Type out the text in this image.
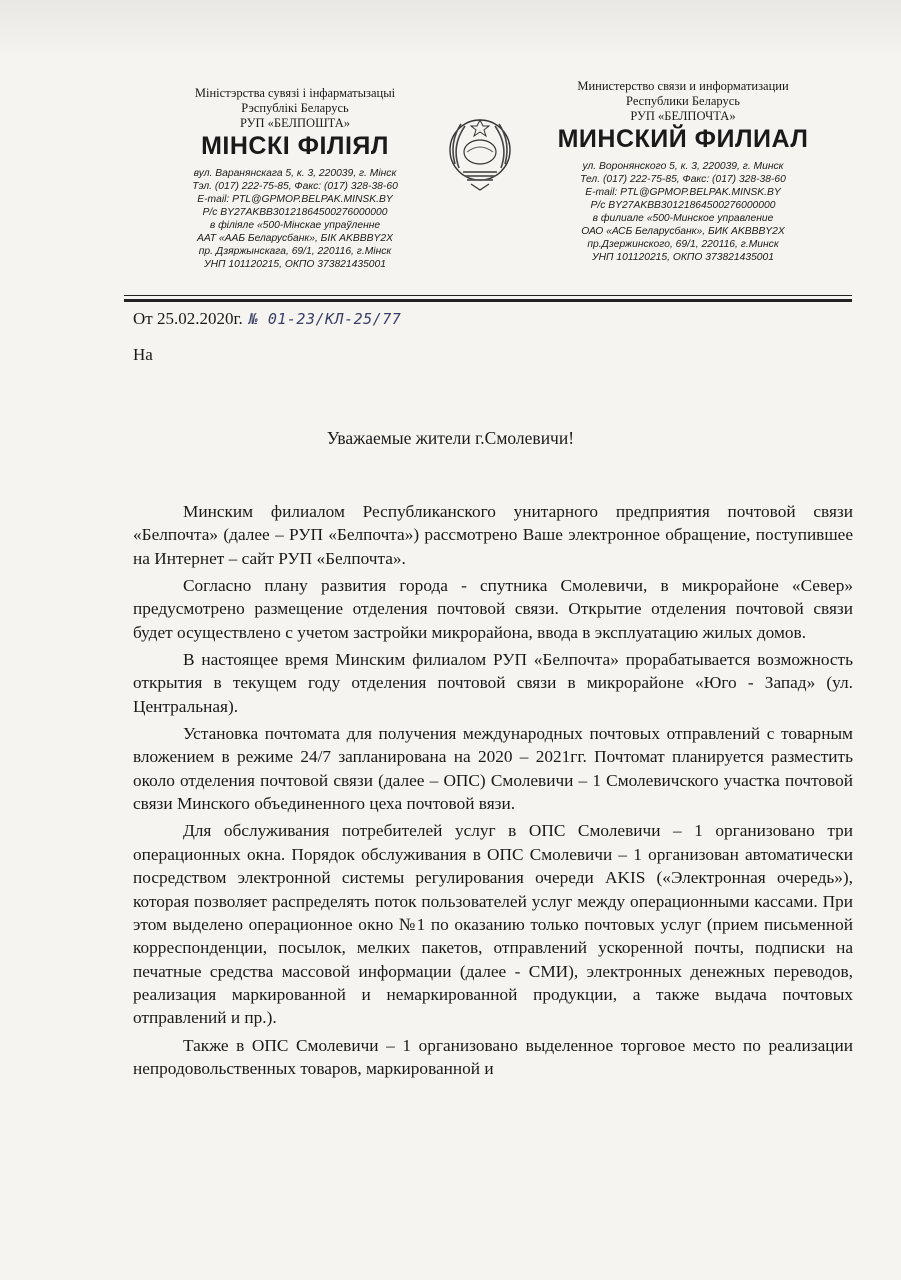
Міністэрства сувязі і інфарматызацыі
Рэспублікі Беларусь
РУП «БЕЛПОШТА»
МІНСКІ ФІЛІЯЛ
вул. Варанянскага 5, к. 3, 220039, г. Мінск
Тэл. (017) 222-75-85, Факс: (017) 328-38-60
E-mail: PTL@GPMOP.BELPAK.MINSK.BY
P/c BY27AKBB30121864500276000000
в філіяле «500-Мінскае упраўленне
ААТ «ААБ Беларусбанк», БІК AKBBBY2X
пр. Дзяржынскага, 69/1, 220116, г.Мінск
УНП 101120215, ОКПО 373821435001
Министерство связи и информатизации
Республики Беларусь
РУП «БЕЛПОЧТА»
МИНСКИЙ ФИЛИАЛ
ул. Воронянского 5, к. 3, 220039, г. Минск
Тел. (017) 222-75-85, Факс: (017) 328-38-60
E-mail: PTL@GPMOP.BELPAK.MINSK.BY
P/c BY27AKBB30121864500276000000
в филиале «500-Минское управление
ОАО «АСБ Беларусбанк», БИК AKBBBY2X
пр.Дзержинского, 69/1, 220116, г.Минск
УНП 101120215, ОКПО 373821435001
От 25.02.2020г. № 01-23/КЛ-25/77
На
Уважаемые жители г.Смолевичи!

Минским филиалом Республиканского унитарного предприятия почтовой связи «Белпочта» (далее – РУП «Белпочта») рассмотрено Ваше электронное обращение, поступившее на Интернет – сайт РУП «Белпочта».

Согласно плану развития города - спутника Смолевичи, в микрорайоне «Север» предусмотрено размещение отделения почтовой связи. Открытие отделения почтовой связи будет осуществлено с учетом застройки микрорайона, ввода в эксплуатацию жилых домов.

В настоящее время Минским филиалом РУП «Белпочта» прорабатывается возможность открытия в текущем году отделения почтовой связи в микрорайоне «Юго - Запад» (ул. Центральная).

Установка почтомата для получения международных почтовых отправлений с товарным вложением в режиме 24/7 запланирована на 2020 – 2021гг. Почтомат планируется разместить около отделения почтовой связи (далее – ОПС) Смолевичи – 1 Смолевичского участка почтовой связи Минского объединенного цеха почтовой вязи.

Для обслуживания потребителей услуг в ОПС Смолевичи – 1 организовано три операционных окна. Порядок обслуживания в ОПС Смолевичи – 1 организован автоматически посредством электронной системы регулирования очереди AKIS («Электронная очередь»), которая позволяет распределять поток пользователей услуг между операционными кассами. При этом выделено операционное окно №1 по оказанию только почтовых услуг (прием письменной корреспонденции, посылок, мелких пакетов, отправлений ускоренной почты, подписки на печатные средства массовой информации (далее - СМИ), электронных денежных переводов, реализация маркированной и немаркированной продукции, а также выдача почтовых отправлений и пр.).

Также в ОПС Смолевичи – 1 организовано выделенное торговое место по реализации непродовольственных товаров, маркированной и
